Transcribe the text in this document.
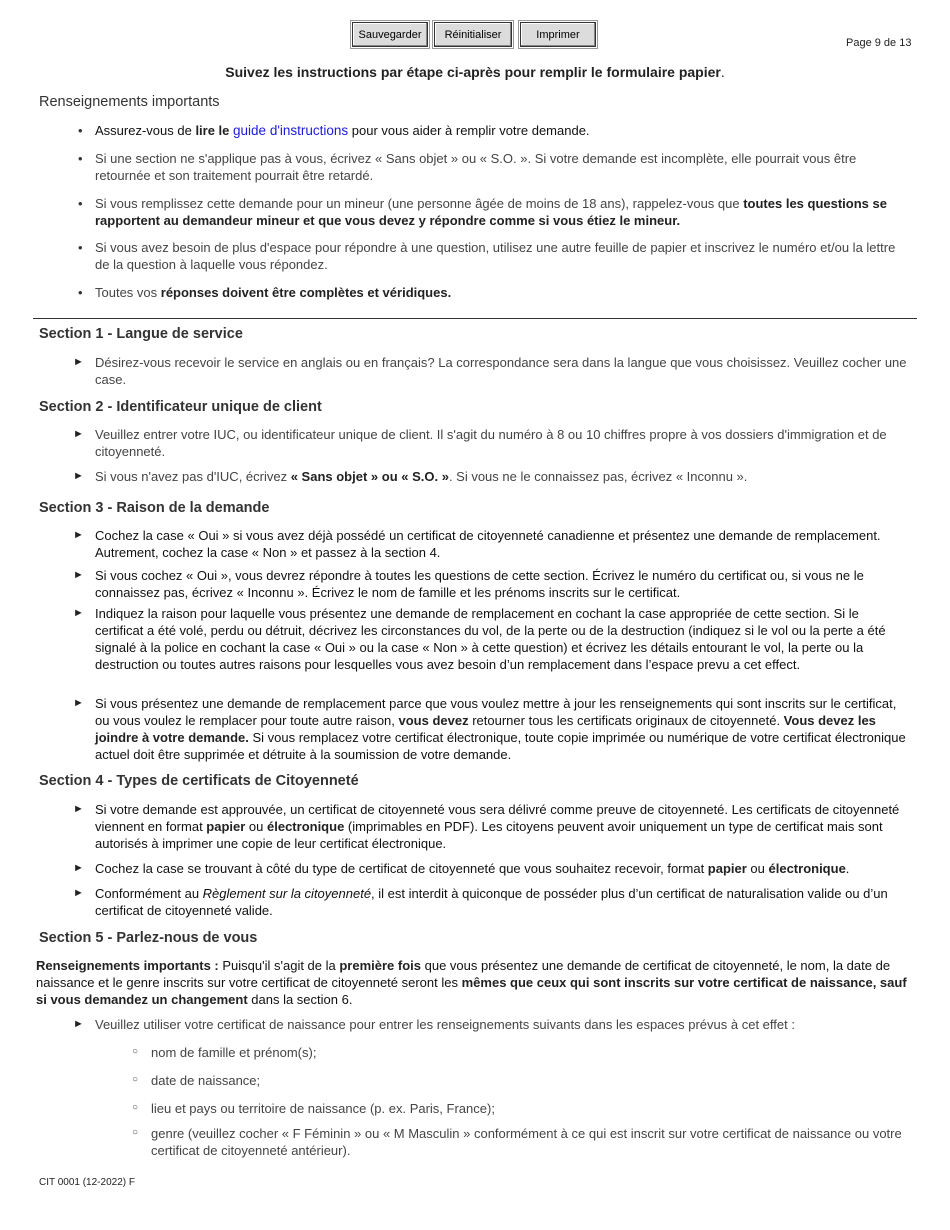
Sauvegarder	Réinitialiser	Imprimer
Page 9 de 13
Suivez les instructions par étape ci-après pour remplir le formulaire papier.
Renseignements importants
• Assurez-vous de lire le guide d'instructions pour vous aider à remplir votre demande.
• Si une section ne s'applique pas à vous, écrivez « Sans objet » ou « S.O. ». Si votre demande est incomplète, elle pourrait vous être retournée et son traitement pourrait être retardé.
• Si vous remplissez cette demande pour un mineur (une personne âgée de moins de 18 ans), rappelez-vous que toutes les questions se rapportent au demandeur mineur et que vous devez y répondre comme si vous étiez le mineur.
• Si vous avez besoin de plus d'espace pour répondre à une question, utilisez une autre feuille de papier et inscrivez le numéro et/ou la lettre de la question à laquelle vous répondez.
• Toutes vos réponses doivent être complètes et véridiques.
Section 1 - Langue de service
► Désirez-vous recevoir le service en anglais ou en français? La correspondance sera dans la langue que vous choisissez. Veuillez cocher une case.
Section 2 - Identificateur unique de client
► Veuillez entrer votre IUC, ou identificateur unique de client. Il s'agit du numéro à 8 ou 10 chiffres propre à vos dossiers d'immigration et de citoyenneté.
► Si vous n'avez pas d'IUC, écrivez « Sans objet » ou « S.O. ». Si vous ne le connaissez pas, écrivez « Inconnu ».
Section 3 - Raison de la demande
► Cochez la case « Oui » si vous avez déjà possédé un certificat de citoyenneté canadienne et présentez une demande de remplacement. Autrement, cochez la case « Non » et passez à la section 4.
► Si vous cochez « Oui », vous devrez répondre à toutes les questions de cette section. Écrivez le numéro du certificat ou, si vous ne le connaissez pas, écrivez « Inconnu ». Écrivez le nom de famille et les prénoms inscrits sur le certificat.
► Indiquez la raison pour laquelle vous présentez une demande de remplacement en cochant la case appropriée de cette section. Si le certificat a été volé, perdu ou détruit, décrivez les circonstances du vol, de la perte ou de la destruction (indiquez si le vol ou la perte a été signalé à la police en cochant la case « Oui » ou la case « Non » à cette question) et écrivez les détails entourant le vol, la perte ou la destruction ou toutes autres raisons pour lesquelles vous avez besoin d’un remplacement dans l’espace prevu a cet effect.
► Si vous présentez une demande de remplacement parce que vous voulez mettre à jour les renseignements qui sont inscrits sur le certificat, ou vous voulez le remplacer pour toute autre raison, vous devez retourner tous les certificats originaux de citoyenneté. Vous devez les joindre à votre demande. Si vous remplacez votre certificat électronique, toute copie imprimée ou numérique de votre certificat électronique actuel doit être supprimée et détruite à la soumission de votre demande.
Section 4 - Types de certificats de Citoyenneté
► Si votre demande est approuvée, un certificat de citoyenneté vous sera délivré comme preuve de citoyenneté. Les certificats de citoyenneté viennent en format papier ou électronique (imprimables en PDF). Les citoyens peuvent avoir uniquement un type de certificat mais sont autorisés à imprimer une copie de leur certificat électronique.
► Cochez la case se trouvant à côté du type de certificat de citoyenneté que vous souhaitez recevoir, format papier ou électronique.
► Conformément au Règlement sur la citoyenneté, il est interdit à quiconque de posséder plus d’un certificat de naturalisation valide ou d’un certificat de citoyenneté valide.
Section 5 - Parlez-nous de vous
Renseignements importants : Puisqu'il s'agit de la première fois que vous présentez une demande de certificat de citoyenneté, le nom, la date de naissance et le genre inscrits sur votre certificat de citoyenneté seront les mêmes que ceux qui sont inscrits sur votre certificat de naissance, sauf si vous demandez un changement dans la section 6.
► Veuillez utiliser votre certificat de naissance pour entrer les renseignements suivants dans les espaces prévus à cet effet :
○ nom de famille et prénom(s);
○ date de naissance;
○ lieu et pays ou territoire de naissance (p. ex. Paris, France);
○ genre (veuillez cocher « F Féminin » ou « M Masculin » conformément à ce qui est inscrit sur votre certificat de naissance ou votre certificat de citoyenneté antérieur).
CIT 0001 (12-2022) F
